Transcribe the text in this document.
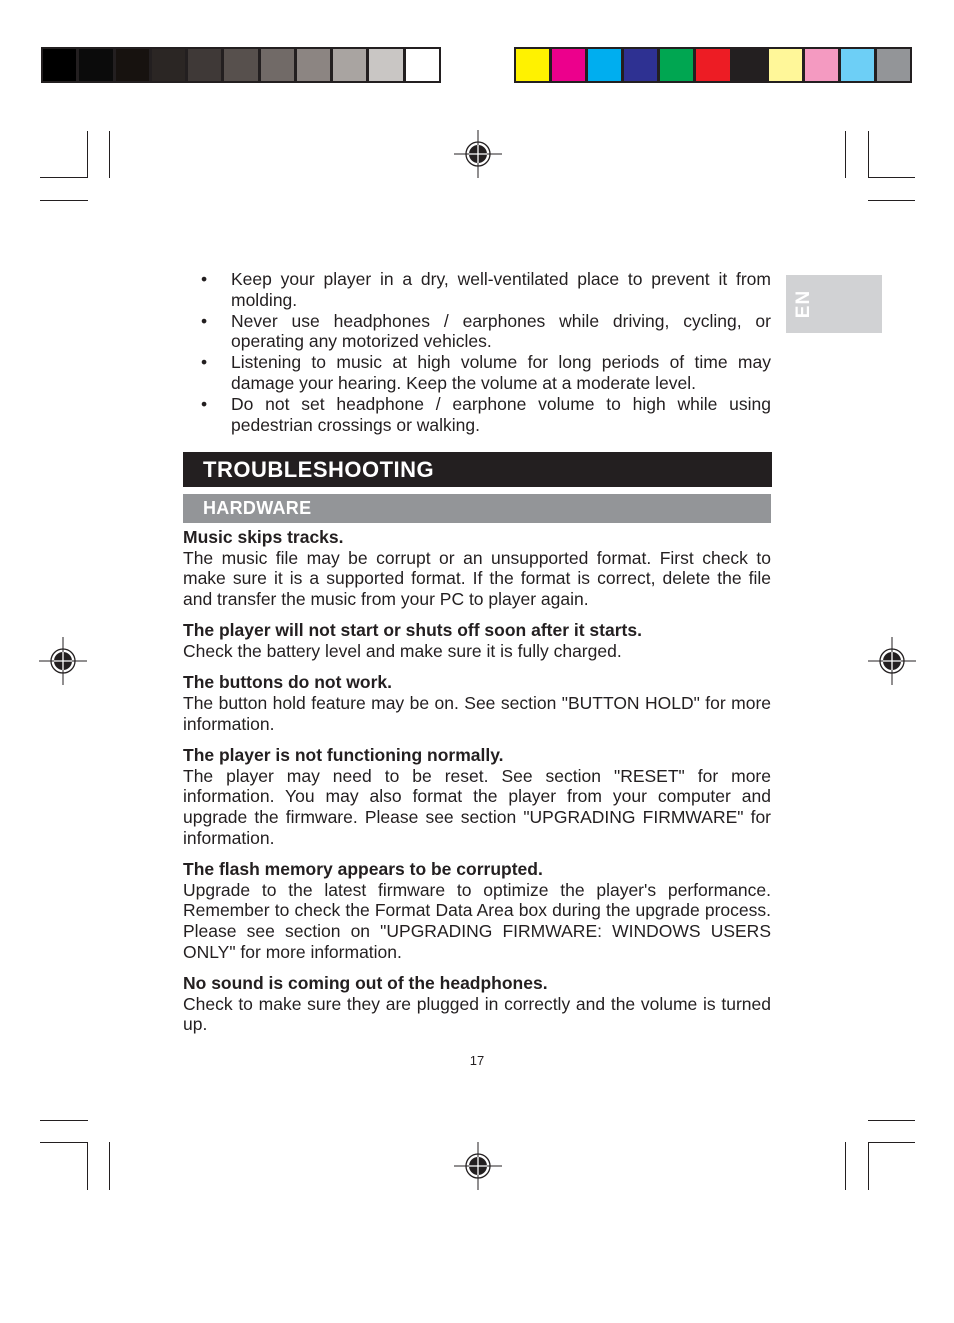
EN
• Keep your player in a dry, well-ventilated place to prevent it from molding.
• Never use headphones / earphones while driving, cycling, or operating any motorized vehicles.
• Listening to music at high volume for long periods of time may damage your hearing. Keep the volume at a moderate level.
• Do not set headphone / earphone volume to high while using pedestrian crossings or walking.
TROUBLESHOOTING
HARDWARE
Music skips tracks.
The music file may be corrupt or an unsupported format. First check to make sure it is a supported format. If the format is correct, delete the file and transfer the music from your PC to player again.
The player will not start or shuts off soon after it starts.
Check the battery level and make sure it is fully charged.
The buttons do not work.
The button hold feature may be on. See section "BUTTON HOLD" for more information.
The player is not functioning normally.
The player may need to be reset. See section "RESET" for more information. You may also format the player from your computer and upgrade the firmware. Please see section "UPGRADING FIRMWARE" for information.
The flash memory appears to be corrupted.
Upgrade to the latest firmware to optimize the player's performance. Remember to check the Format Data Area box during the upgrade process. Please see section on "UPGRADING FIRMWARE: WINDOWS USERS ONLY" for more information.
No sound is coming out of the headphones.
Check to make sure they are plugged in correctly and the volume is turned up.
17
